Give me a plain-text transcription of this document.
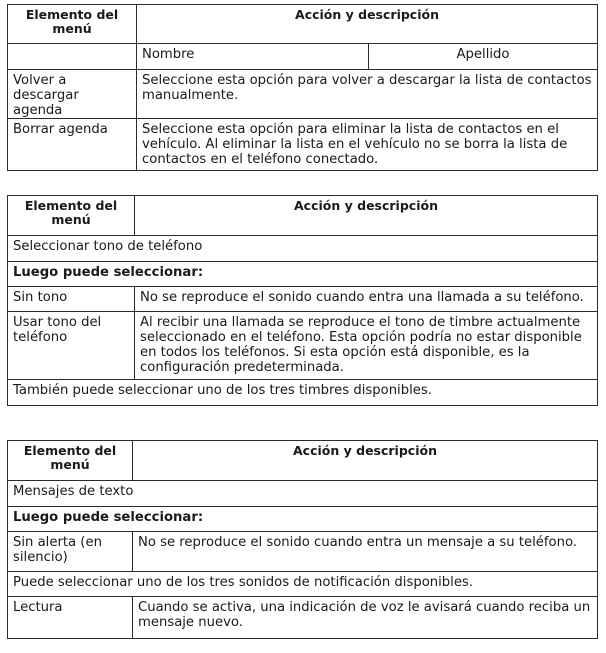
Elemento del menú	Acción y descripción	
	Nombre	Apellido
Volver a descargar agenda	Seleccione esta opción para volver a descargar la lista de contactos manualmente.	
Borrar agenda	Seleccione esta opción para eliminar la lista de contactos en el vehículo. Al eliminar la lista en el vehículo no se borra la lista de contactos en el teléfono conectado.	
Elemento del menú	Acción y descripción
Seleccionar tono de teléfono	
Luego puede seleccionar:	
Sin tono	No se reproduce el sonido cuando entra una llamada a su teléfono.
Usar tono del teléfono	Al recibir una llamada se reproduce el tono de timbre actualmente seleccionado en el teléfono. Esta opción podría no estar disponible en todos los teléfonos. Si esta opción está disponible, es la configuración predeterminada.
También puede seleccionar uno de los tres timbres disponibles.	
Elemento del menú	Acción y descripción
Mensajes de texto	
Luego puede seleccionar:	
Sin alerta (en silencio)	No se reproduce el sonido cuando entra un mensaje a su teléfono.
Puede seleccionar uno de los tres sonidos de notificación disponibles.	
Lectura	Cuando se activa, una indicación de voz le avisará cuando reciba un mensaje nuevo.
